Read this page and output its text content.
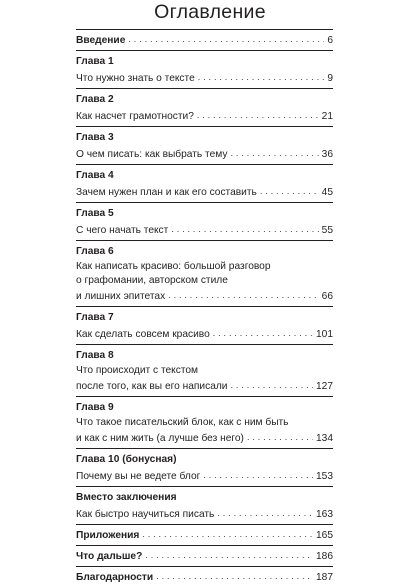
Оглавление
Введение . . .	6
Глава 1
Что нужно знать о тексте . . .	9
Глава 2
Как насчет грамотности? . . .	21
Глава 3
О чем писать: как выбрать тему . . .	36
Глава 4
Зачем нужен план и как его составить . . .	45
Глава 5
С чего начать текст . . .	55
Глава 6
Как написать красиво: большой разговор
о графомании, авторском стиле
и лишних эпитетах . . .	66
Глава 7
Как сделать совсем красиво . . .	101
Глава 8
Что происходит с текстом
после того, как вы его написали . . .	127
Глава 9
Что такое писательский блок, как с ним быть
и как с ним жить (а лучше без него) . . .	134
Глава 10 (бонусная)
Почему вы не ведете блог . . .	153
Вместо заключения
Как быстро научиться писать . . .	163
Приложения . . .	165
Что дальше? . . .	186
Благодарности . . .	187
